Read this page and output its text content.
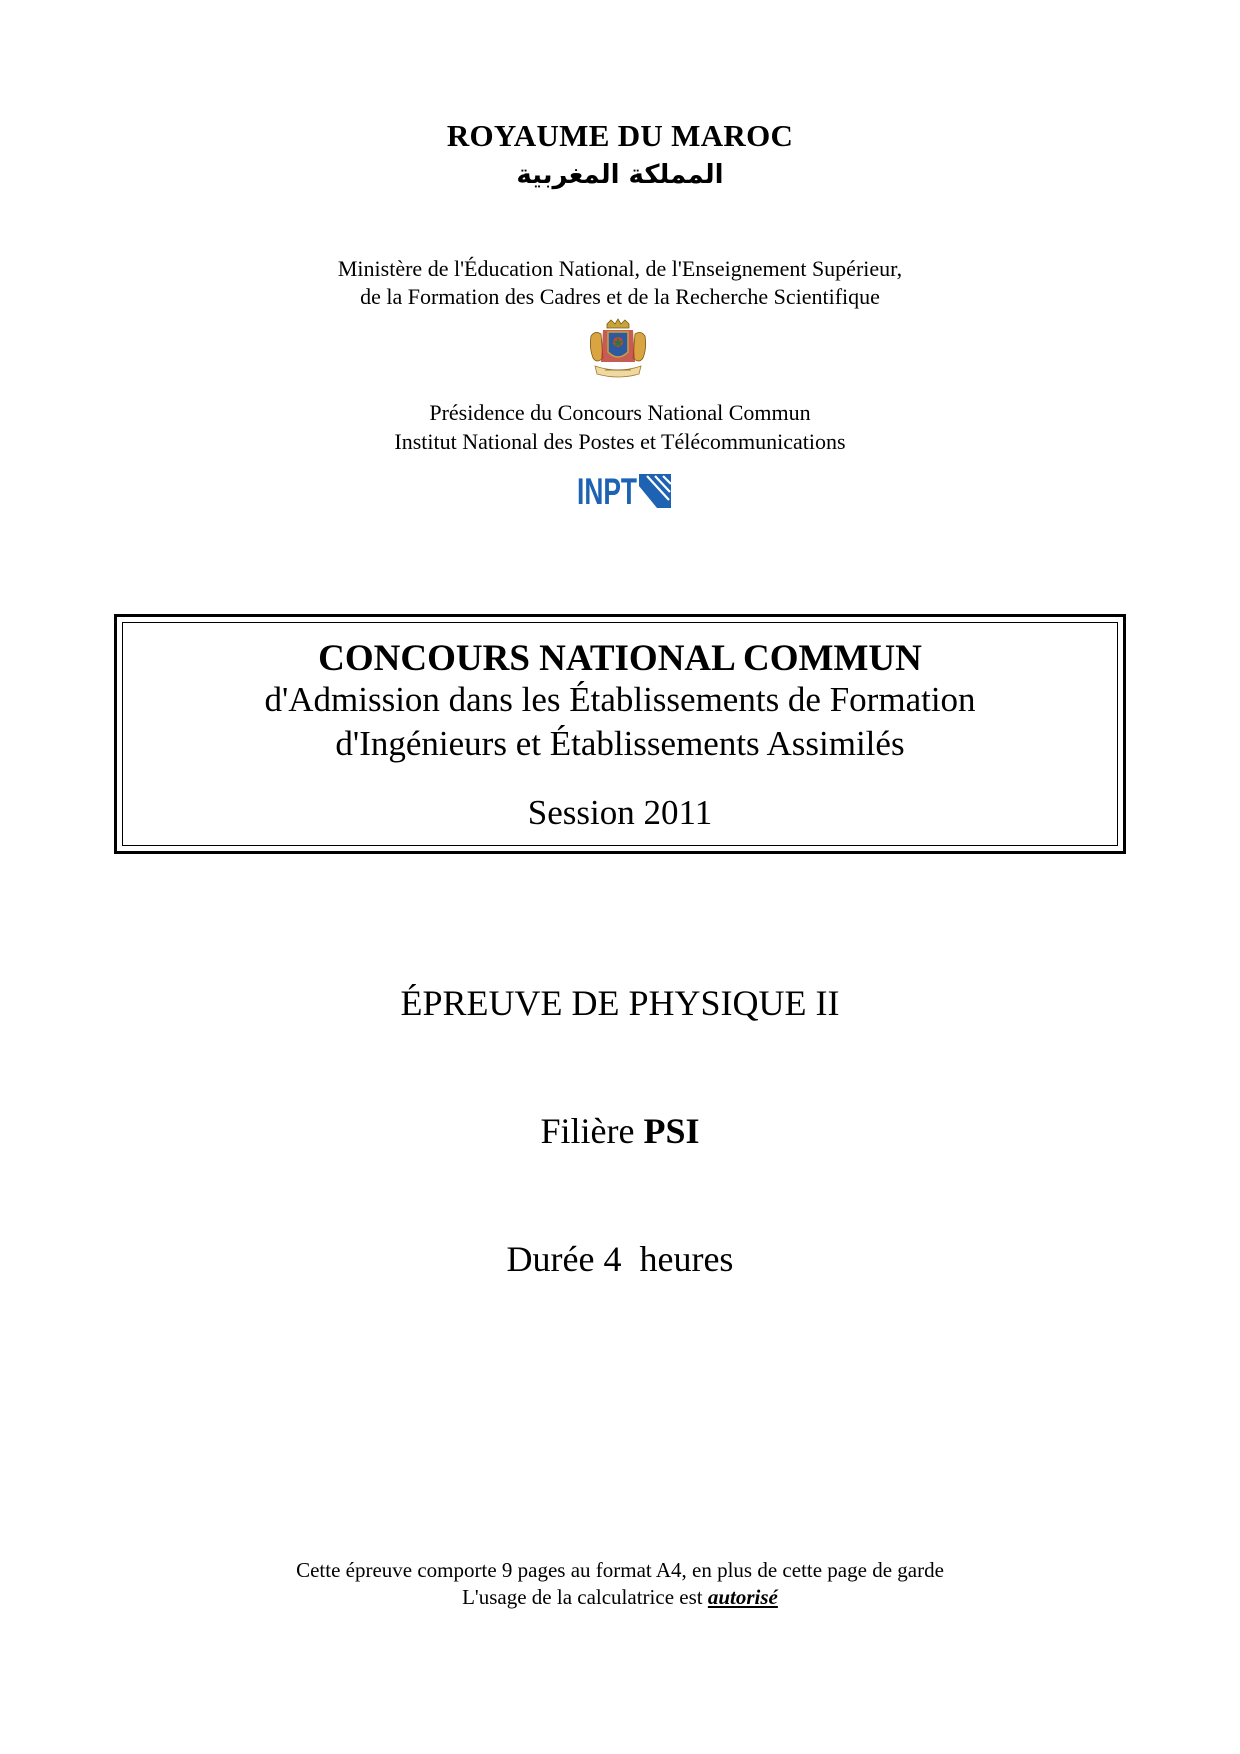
ROYAUME DU MAROC
المملكة المغربية
Ministère de l'Éducation National, de l'Enseignement Supérieur,
de la Formation des Cadres et de la Recherche Scientifique
Présidence du Concours National Commun
Institut National des Postes et Télécommunications
INPT
CONCOURS NATIONAL COMMUN
d'Admission dans les Établissements de Formation
d'Ingénieurs et Établissements Assimilés
Session 2011
ÉPREUVE DE PHYSIQUE II
Filière PSI
Durée 4  heures
Cette épreuve comporte 9 pages au format A4, en plus de cette page de garde
L'usage de la calculatrice est autorisé
